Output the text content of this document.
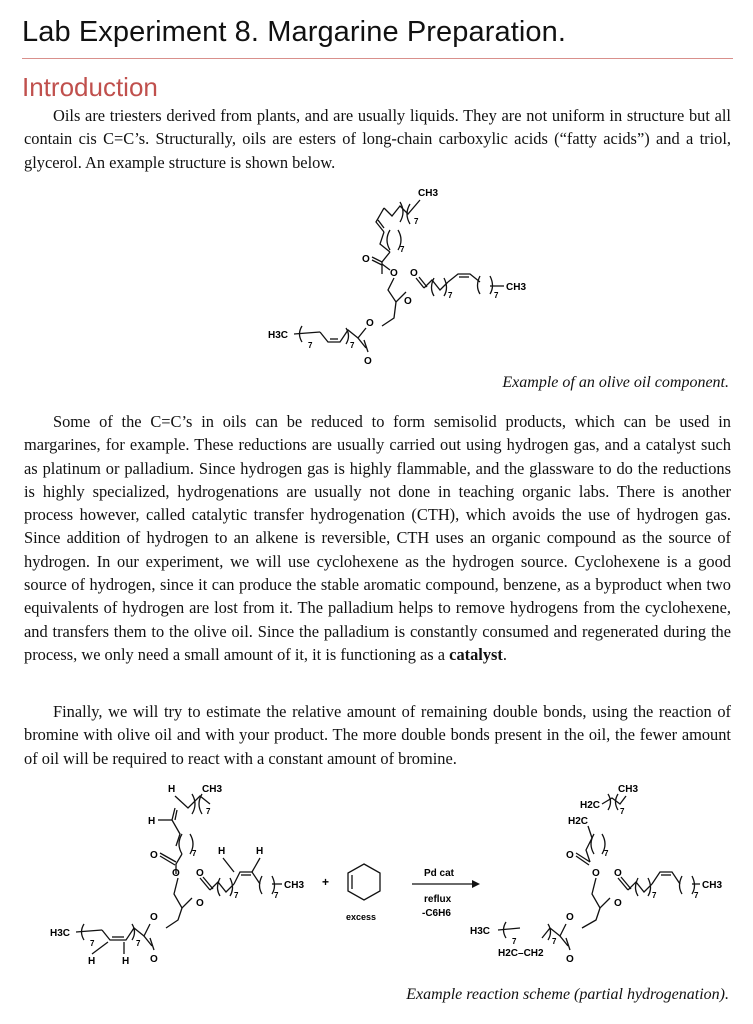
Lab Experiment 8. Margarine Preparation.
Introduction

Oils are triesters derived from plants, and are usually liquids. They are not uniform in structure but all contain cis C=C’s. Structurally, oils are esters of long-chain carboxylic acids (“fatty acids”) and a triol, glycerol. An example structure is shown below.

CH3
7
7
O
O O
7	7
CH3
O
O
O
7
7
H3C
Example of an olive oil component.

Some of the C=C’s in oils can be reduced to form semisolid products, which can be used in margarines, for example. These reductions are usually carried out using hydrogen gas, and a catalyst such as platinum or palladium. Since hydrogen gas is highly flammable, and the glassware to do the reductions is highly specialized, hydrogenations are usually not done in teaching organic labs. There is another process however, called catalytic transfer hydrogenation (CTH), which avoids the use of hydrogen gas. Since addition of hydrogen to an alkene is reversible, CTH uses an organic compound as the source of hydrogen. In our experiment, we will use cyclohexene as the hydrogen source. Cyclohexene is a good source of hydrogen, since it can produce the stable aromatic compound, benzene, as a byproduct when two equivalents of hydrogen are lost from it. The palladium helps to remove hydrogens from the cyclohexene, and transfers them to the olive oil. Since the palladium is constantly consumed and regenerated during the process, we only need a small amount of it, it is functioning as a catalyst.

Finally, we will try to estimate the relative amount of remaining double bonds, using the reaction of bromine with olive oil and with your product. The more double bonds present in the oil, the fewer amount of oil will be required to react with a constant amount of bromine.

H	CH3
7
H
7
O
O O
7
H	H
7
CH3
O
O
O
7
7
H3C
H	H
+
excess
Pd cat
reflux
-C6H6
CH3
H2C
H2C
7
7
O
O O
7	7
CH3
O
O
O
7
7
H3C
H2C–CH2
Example reaction scheme (partial hydrogenation).
